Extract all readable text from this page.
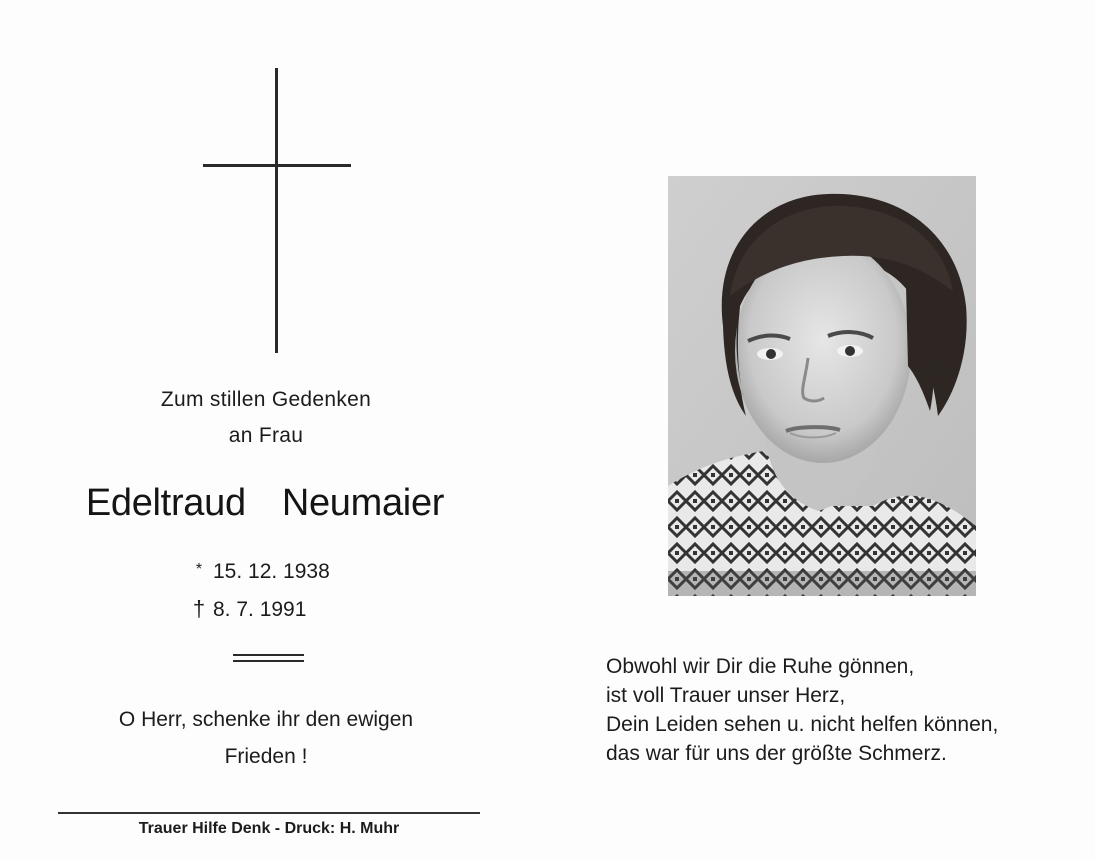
Zum stillen Gedenken
an Frau
Edeltraud Neumaier
* 15. 12. 1938
† 8. 7. 1991
O Herr, schenke ihr den ewigen
Frieden !
Trauer Hilfe Denk - Druck: H. Muhr
Obwohl wir Dir die Ruhe gönnen,
ist voll Trauer unser Herz,
Dein Leiden sehen u. nicht helfen können,
das war für uns der größte Schmerz.
